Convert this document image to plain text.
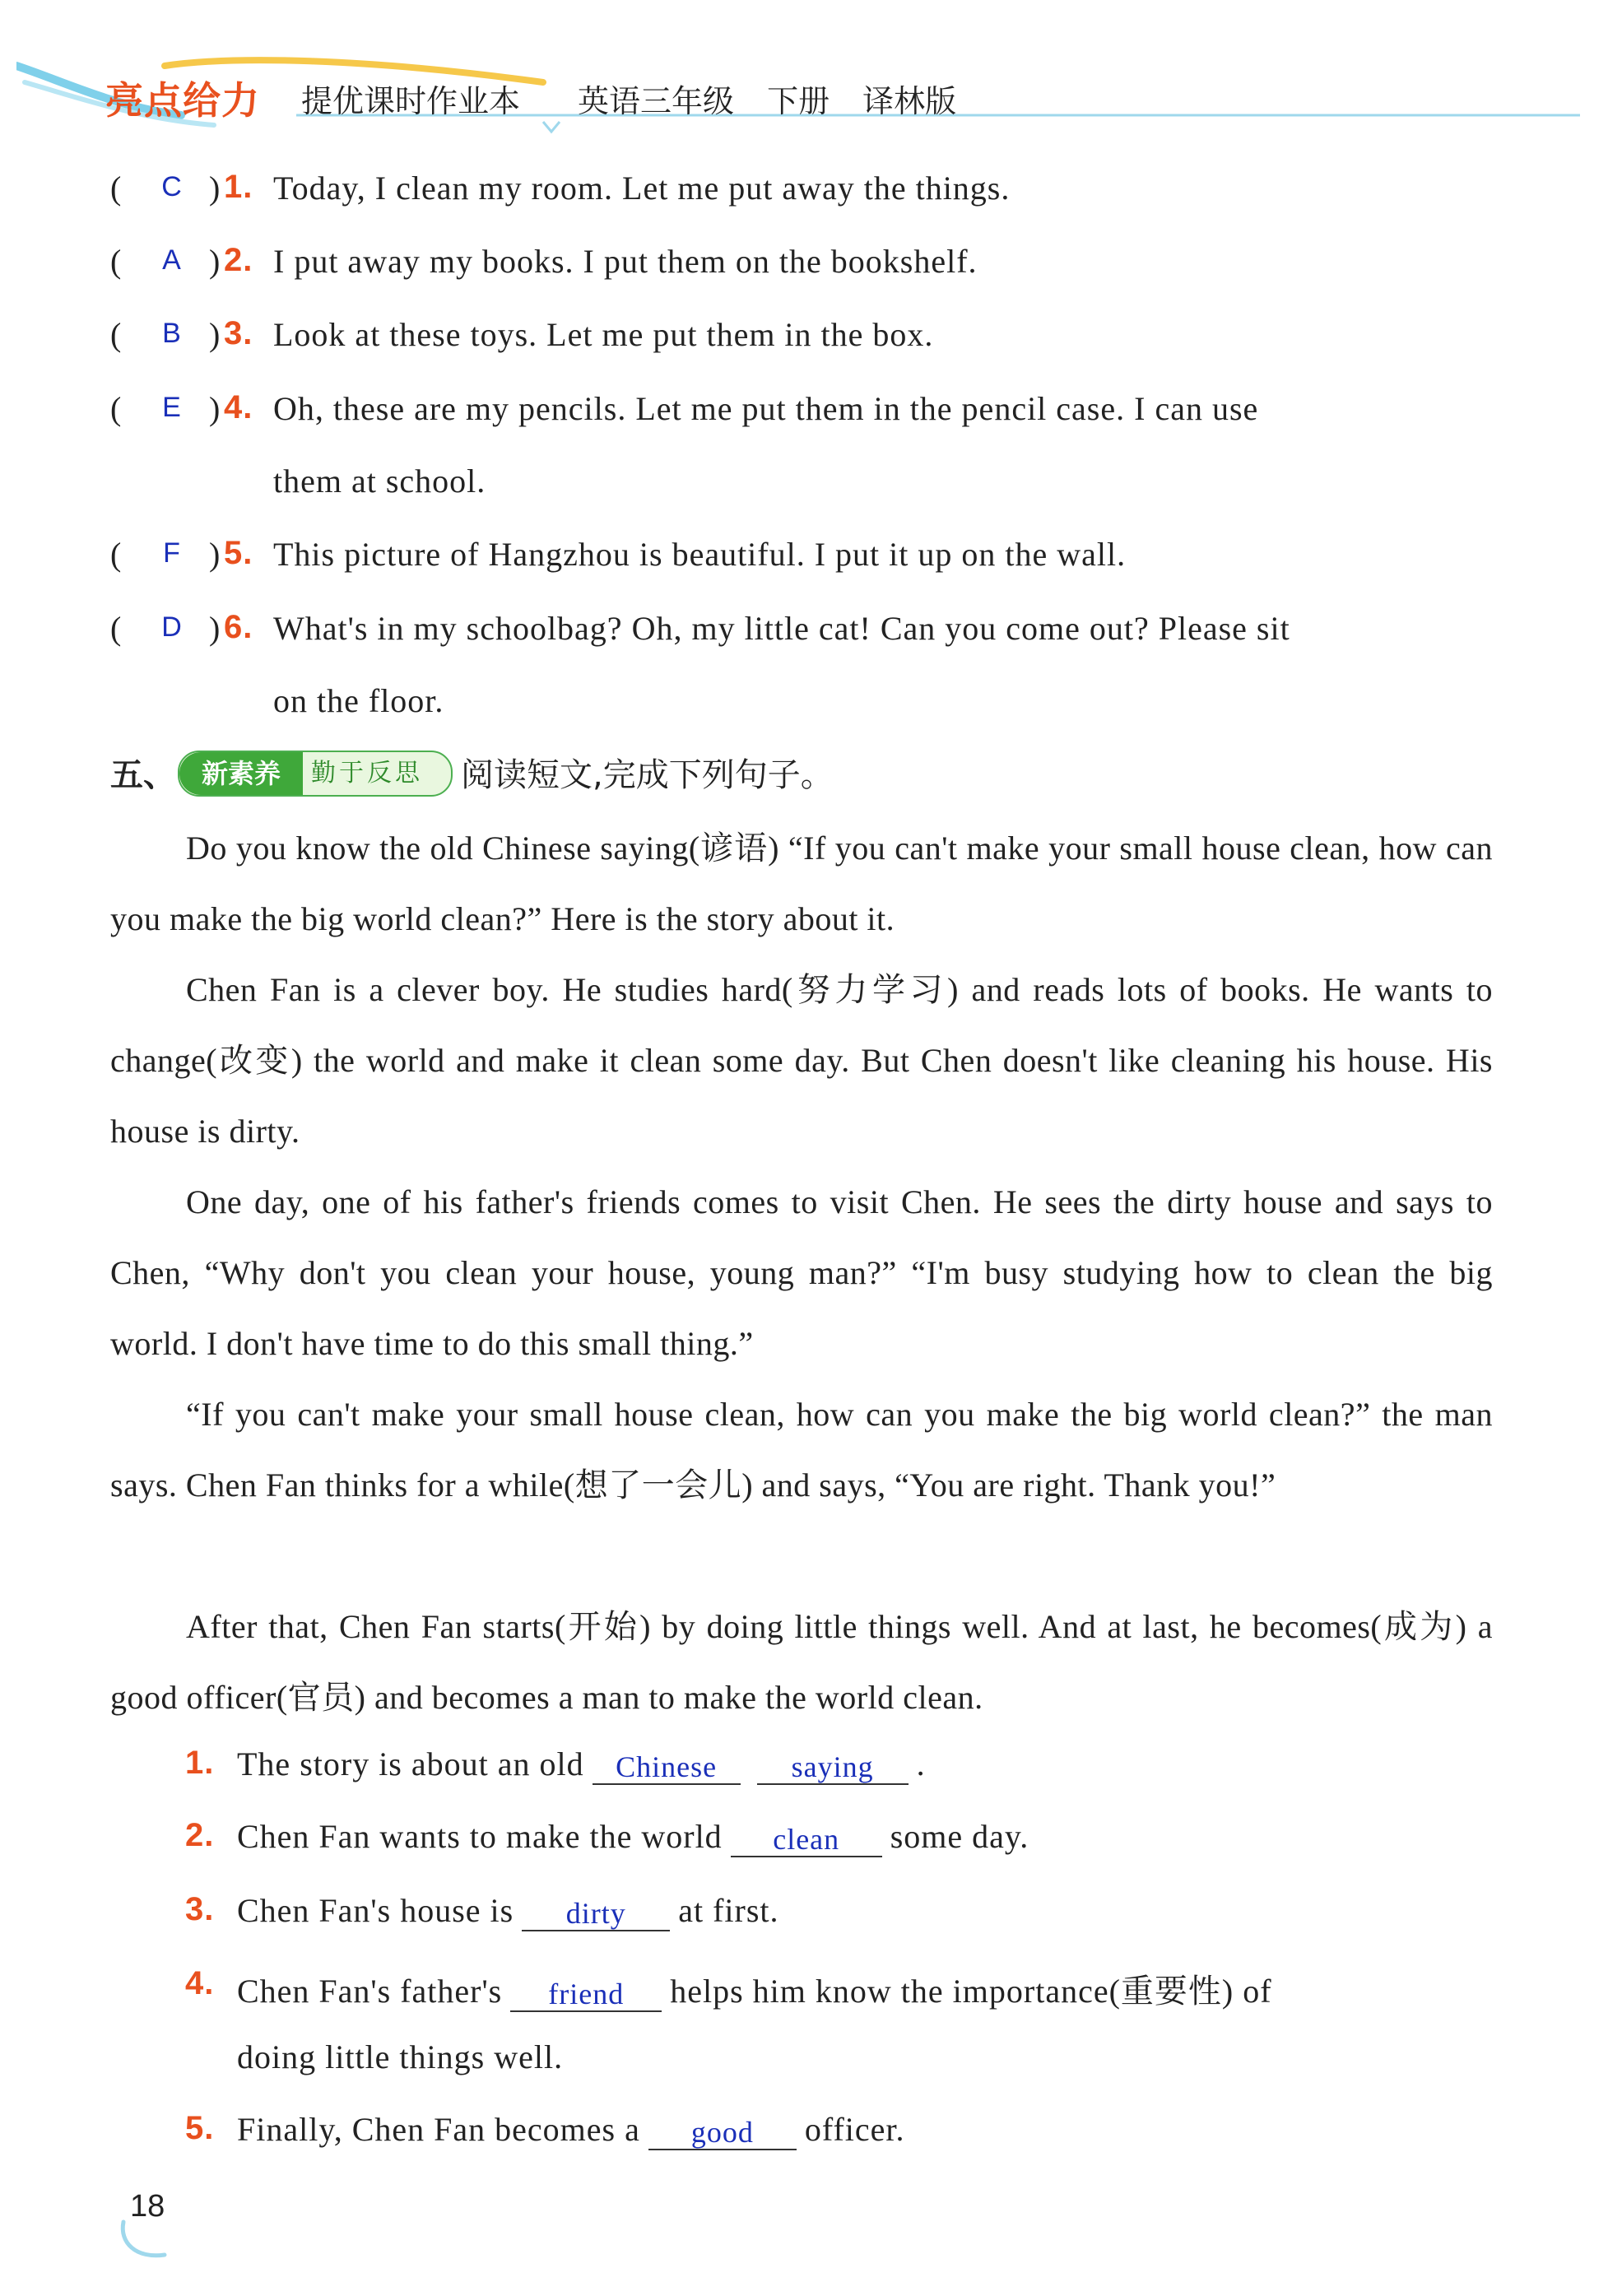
亮点给力 提优课时作业本 英语三年级 下册 译林版
(	C ) 1. Today, I clean my room. Let me put away the things.
(	A ) 2. I put away my books. I put them on the bookshelf.
(	B ) 3. Look at these toys. Let me put them in the box.
(	E ) 4. Oh, these are my pencils. Let me put them in the pencil case. I can use
them at school.
(	F ) 5. This picture of Hangzhou is beautiful. I put it up on the wall.
(	D ) 6. What's in my schoolbag? Oh, my little cat! Can you come out? Please sit
on the floor.
五、 新素养	勤于反思 阅读短文,完成下列句子。

Do you know the old Chinese saying(谚语) “If you can't make your small house clean, how can you make the big world clean?” Here is the story about it.

Chen Fan is a clever boy. He studies hard(努力学习) and reads lots of books. He wants to change(改变) the world and make it clean some day. But Chen doesn't like cleaning his house. His house is dirty.

One day, one of his father's friends comes to visit Chen. He sees the dirty house and says to Chen, “Why don't you clean your house, young man?” “I'm busy studying how to clean the big world. I don't have time to do this small thing.”

“If you can't make your small house clean, how can you make the big world clean?” the man says. Chen Fan thinks for a while(想了一会儿) and says, “You are right. Thank you!”

After that, Chen Fan starts(开始) by doing little things well. And at last, he becomes(成为) a good officer(官员) and becomes a man to make the world clean.

1. The story is about an old Chinese	saying .
2. Chen Fan wants to make the world clean some day.
3. Chen Fan's house is dirty at first.
4. Chen Fan's father's friend helps him know the importance(重要性) of
doing little things well.
5. Finally, Chen Fan becomes a good officer.
18
